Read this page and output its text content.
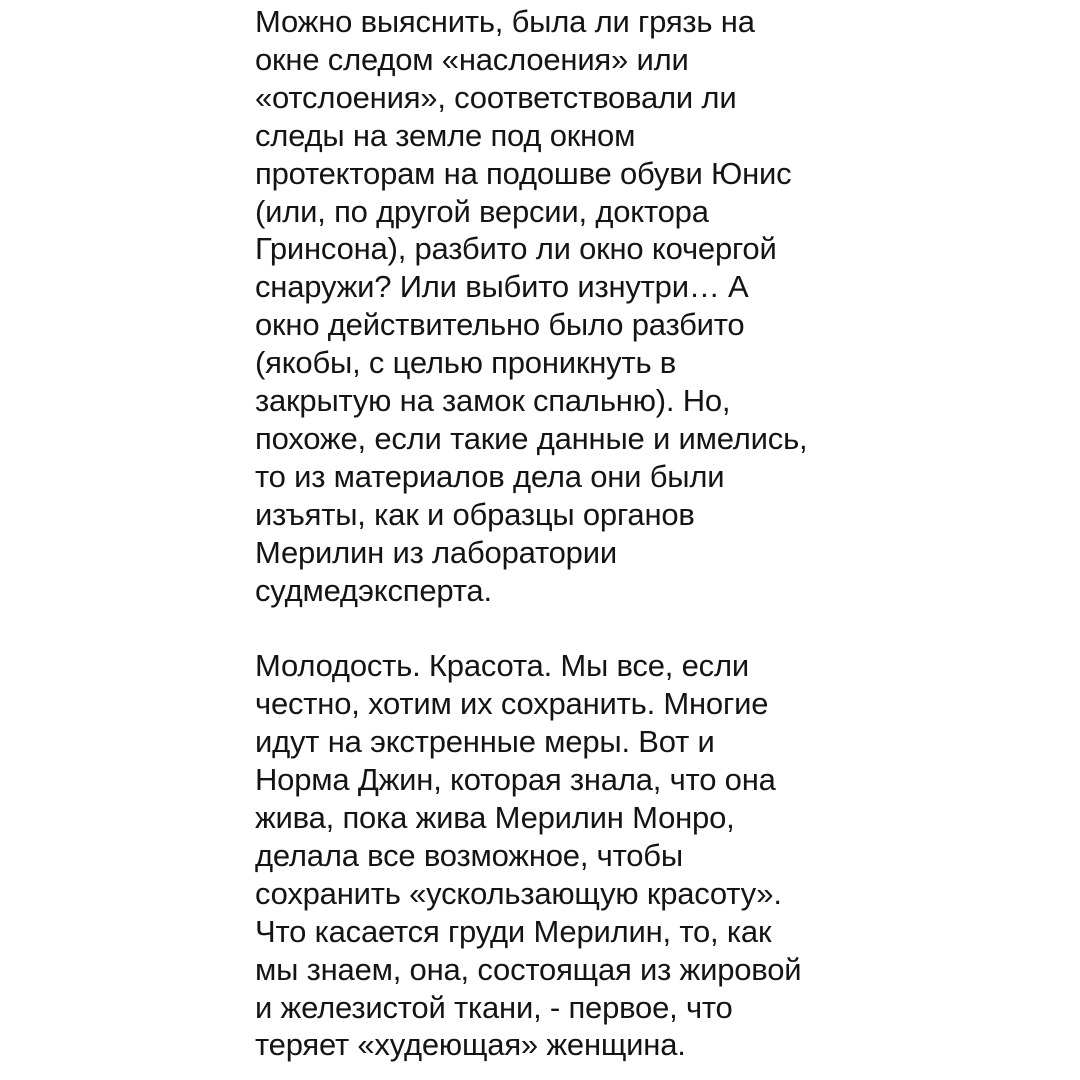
Можно выяснить, была ли грязь на
окне следом «наслоения» или
«отслоения», соответствовали ли
следы на земле под окном
протекторам на подошве обуви Юнис
(или, по другой версии, доктора
Гринсона), разбито ли окно кочергой
снаружи? Или выбито изнутри… А
окно действительно было разбито
(якобы, с целью проникнуть в
закрытую на замок спальню). Но,
похоже, если такие данные и имелись,
то из материалов дела они были
изъяты, как и образцы органов
Мерилин из лаборатории
судмедэксперта.
Молодость. Красота. Мы все, если
честно, хотим их сохранить. Многие
идут на экстренные меры. Вот и
Норма Джин, которая знала, что она
жива, пока жива Мерилин Монро,
делала все возможное, чтобы
сохранить «ускользающую красоту».
Что касается груди Мерилин, то, как
мы знаем, она, состоящая из жировой
и железистой ткани, - первое, что
теряет «худеющая» женщина.
